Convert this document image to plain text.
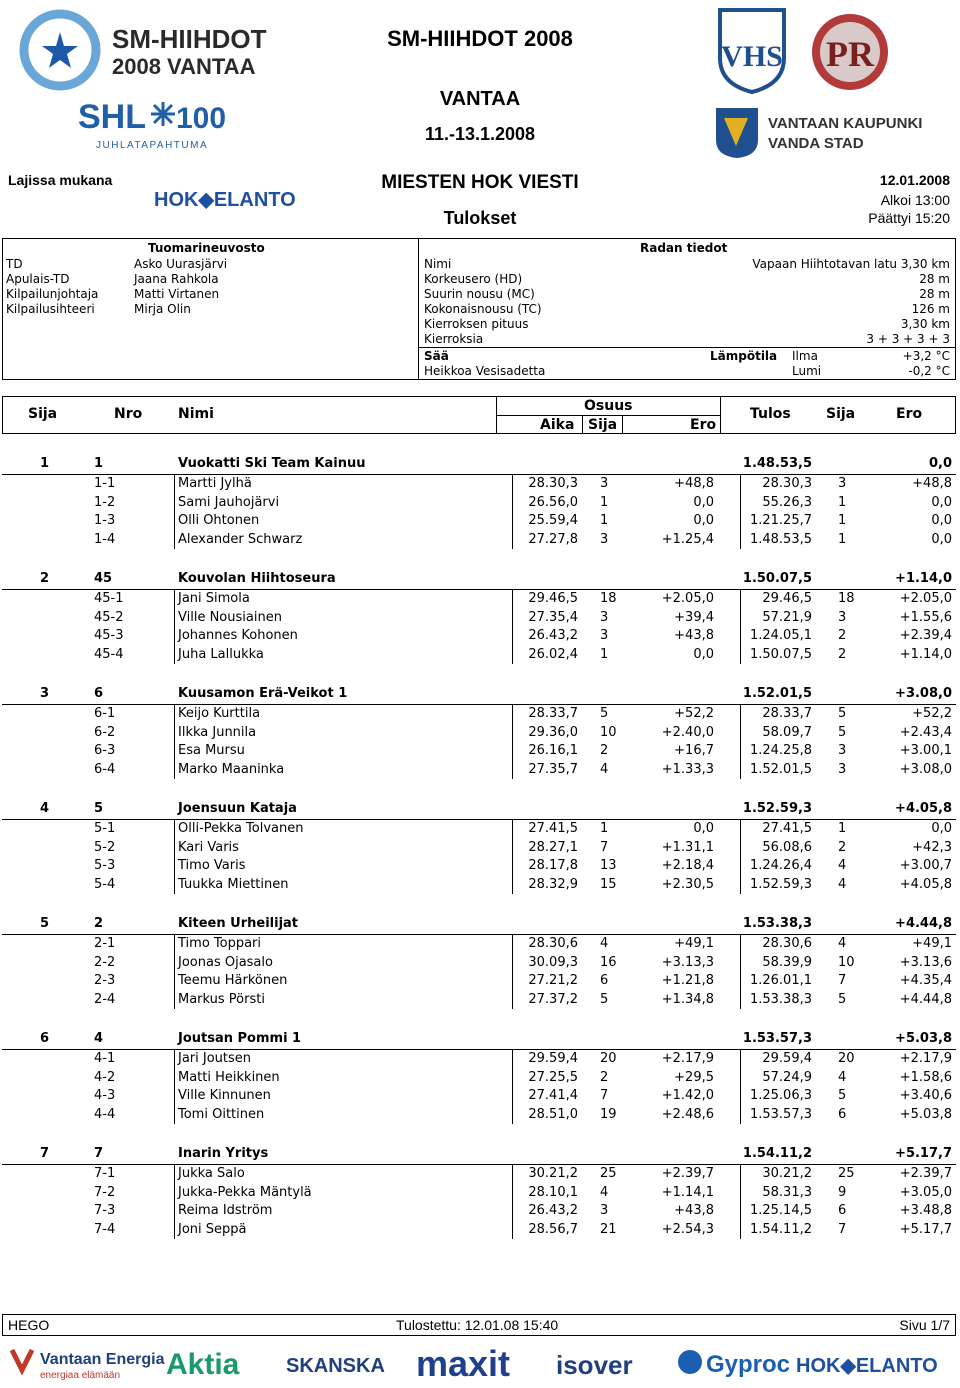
SM-HIIHDOT
2008 VANTAA
SHL 100
JUHLATAPAHTUMA
VHS PR
VANTAAN KAUPUNKI
VANDA STAD
SM-HIIHDOT 2008
VANTAA
11.-13.1.2008
Lajissa mukana
HOK◆ELANTO
MIESTEN HOK VIESTI
Tulokset
12.01.2008
Alkoi 13:00
Päättyi 15:20
Tuomarineuvosto
TD	Asko Uurasjärvi
Apulais-TD	Jaana Rahkola
Kilpailunjohtaja	Matti Virtanen
Kilpailusihteeri	Mirja Olin
Radan tiedot
Nimi	Vapaan Hiihtotavan latu 3,30 km
Korkeusero (HD)	28 m
Suurin nousu (MC)	28 m
Kokonaisnousu (TC)	126 m
Kierroksen pituus	3,30 km
Kierroksia	3 + 3 + 3 + 3
Sää
Heikkoa Vesisadetta
Lämpötila Ilma	+3,2 °C
Lumi	-0,2 °C
Sija	Nro	Nimi	Osuus
Aika Sija	Ero
Tulos	Sija	Ero
1	1	Vuokatti Ski Team Kainuu	1.48.53,5	0,0
1-1	Martti Jylhä	28.30,3 3	+48,8	28.30,3 3	+48,8
1-2	Sami Jauhojärvi	26.56,0 1	0,0	55.26,3 1	0,0
1-3	Olli Ohtonen	25.59,4 1	0,0	1.21.25,7 1	0,0
1-4	Alexander Schwarz	27.27,8 3	+1.25,4	1.48.53,5 1	0,0
2	45	Kouvolan Hiihtoseura	1.50.07,5	+1.14,0
45-1	Jani Simola	29.46,5 18	+2.05,0	29.46,5 18	+2.05,0
45-2	Ville Nousiainen	27.35,4 3	+39,4	57.21,9 3	+1.55,6
45-3	Johannes Kohonen	26.43,2 3	+43,8	1.24.05,1 2	+2.39,4
45-4	Juha Lallukka	26.02,4 1	0,0	1.50.07,5 2	+1.14,0
3	6	Kuusamon Erä-Veikot 1	1.52.01,5	+3.08,0
6-1	Keijo Kurttila	28.33,7 5	+52,2	28.33,7 5	+52,2
6-2	Ilkka Junnila	29.36,0 10	+2.40,0	58.09,7 5	+2.43,4
6-3	Esa Mursu	26.16,1 2	+16,7	1.24.25,8 3	+3.00,1
6-4	Marko Maaninka	27.35,7 4	+1.33,3	1.52.01,5 3	+3.08,0
4	5	Joensuun Kataja	1.52.59,3	+4.05,8
5-1	Olli-Pekka Tolvanen	27.41,5 1	0,0	27.41,5 1	0,0
5-2	Kari Varis	28.27,1 7	+1.31,1	56.08,6 2	+42,3
5-3	Timo Varis	28.17,8 13	+2.18,4	1.24.26,4 4	+3.00,7
5-4	Tuukka Miettinen	28.32,9 15	+2.30,5	1.52.59,3 4	+4.05,8
5	2	Kiteen Urheilijat	1.53.38,3	+4.44,8
2-1	Timo Toppari	28.30,6 4	+49,1	28.30,6 4	+49,1
2-2	Joonas Ojasalo	30.09,3 16	+3.13,3	58.39,9 10	+3.13,6
2-3	Teemu Härkönen	27.21,2 6	+1.21,8	1.26.01,1 7	+4.35,4
2-4	Markus Pörsti	27.37,2 5	+1.34,8	1.53.38,3 5	+4.44,8
6	4	Joutsan Pommi 1	1.53.57,3	+5.03,8
4-1	Jari Joutsen	29.59,4 20	+2.17,9	29.59,4 20	+2.17,9
4-2	Matti Heikkinen	27.25,5 2	+29,5	57.24,9 4	+1.58,6
4-3	Ville Kinnunen	27.41,4 7	+1.42,0	1.25.06,3 5	+3.40,6
4-4	Tomi Oittinen	28.51,0 19	+2.48,6	1.53.57,3 6	+5.03,8
7	7	Inarin Yritys	1.54.11,2	+5.17,7
7-1	Jukka Salo	30.21,2 25	+2.39,7	30.21,2 25	+2.39,7
7-2	Jukka-Pekka Mäntylä	28.10,1 4	+1.14,1	58.31,3 9	+3.05,0
7-3	Reima Idström	26.43,2 3	+43,8	1.25.14,5 6	+3.48,8
7-4	Joni Seppä	28.56,7 21	+2.54,3	1.54.11,2 7	+5.17,7
HEGO	Tulostettu: 12.01.08 15:40	Sivu 1/7
Vantaan Energia
energiaa elämään Aktia SKANSKA maxit isover	Gyproc HOK◆ELANTO
